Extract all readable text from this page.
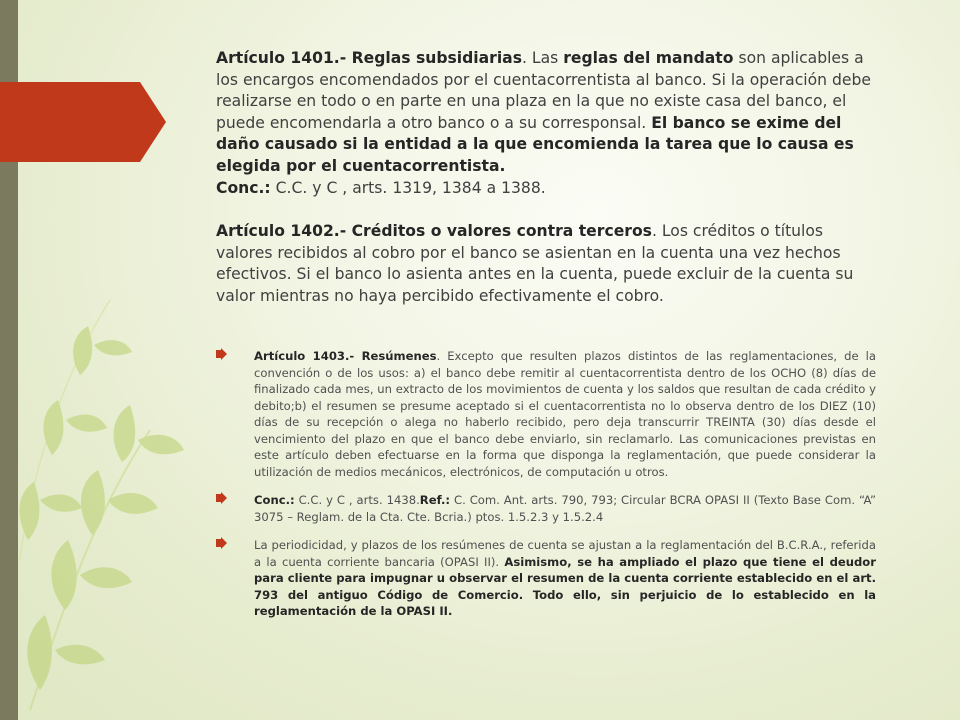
Artículo 1401.- Reglas subsidiarias. Las reglas del mandato son aplicables a los encargos encomendados por el cuentacorrentista al banco. Si la operación debe realizarse en todo o en parte en una plaza en la que no existe casa del banco, el puede encomendarla a otro banco o a su corresponsal. El banco se exime del daño causado si la entidad a la que encomienda la tarea que lo causa es elegida por el cuentacorrentista.
Conc.: C.C. y C , arts. 1319, 1384 a 1388.

Artículo 1402.- Créditos o valores contra terceros. Los créditos o títulos valores recibidos al cobro por el banco se asientan en la cuenta una vez hechos efectivos. Si el banco lo asienta antes en la cuenta, puede excluir de la cuenta su valor mientras no haya percibido efectivamente el cobro.

Artículo 1403.- Resúmenes. Excepto que resulten plazos distintos de las reglamentaciones, de la convención o de los usos: a) el banco debe remitir al cuentacorrentista dentro de los OCHO (8) días de finalizado cada mes, un extracto de los movimientos de cuenta y los saldos que resultan de cada crédito y debito;b) el resumen se presume aceptado si el cuentacorrentista no lo observa dentro de los DIEZ (10) días de su recepción o alega no haberlo recibido, pero deja transcurrir TREINTA (30) días desde el vencimiento del plazo en que el banco debe enviarlo, sin reclamarlo. Las comunicaciones previstas en este artículo deben efectuarse en la forma que disponga la reglamentación, que puede considerar la utilización de medios mecánicos, electrónicos, de computación u otros.
Conc.: C.C. y C , arts. 1438.Ref.: C. Com. Ant. arts. 790, 793; Circular BCRA OPASI II (Texto Base Com. “A” 3075 – Reglam. de la Cta. Cte. Bcria.) ptos. 1.5.2.3 y 1.5.2.4
La periodicidad, y plazos de los resúmenes de cuenta se ajustan a la reglamentación del B.C.R.A., referida a la cuenta corriente bancaria (OPASI II). Asimismo, se ha ampliado el plazo que tiene el deudor para cliente para impugnar u observar el resumen de la cuenta corriente establecido en el art. 793 del antiguo Código de Comercio. Todo ello, sin perjuicio de lo establecido en la reglamentación de la OPASI II.
